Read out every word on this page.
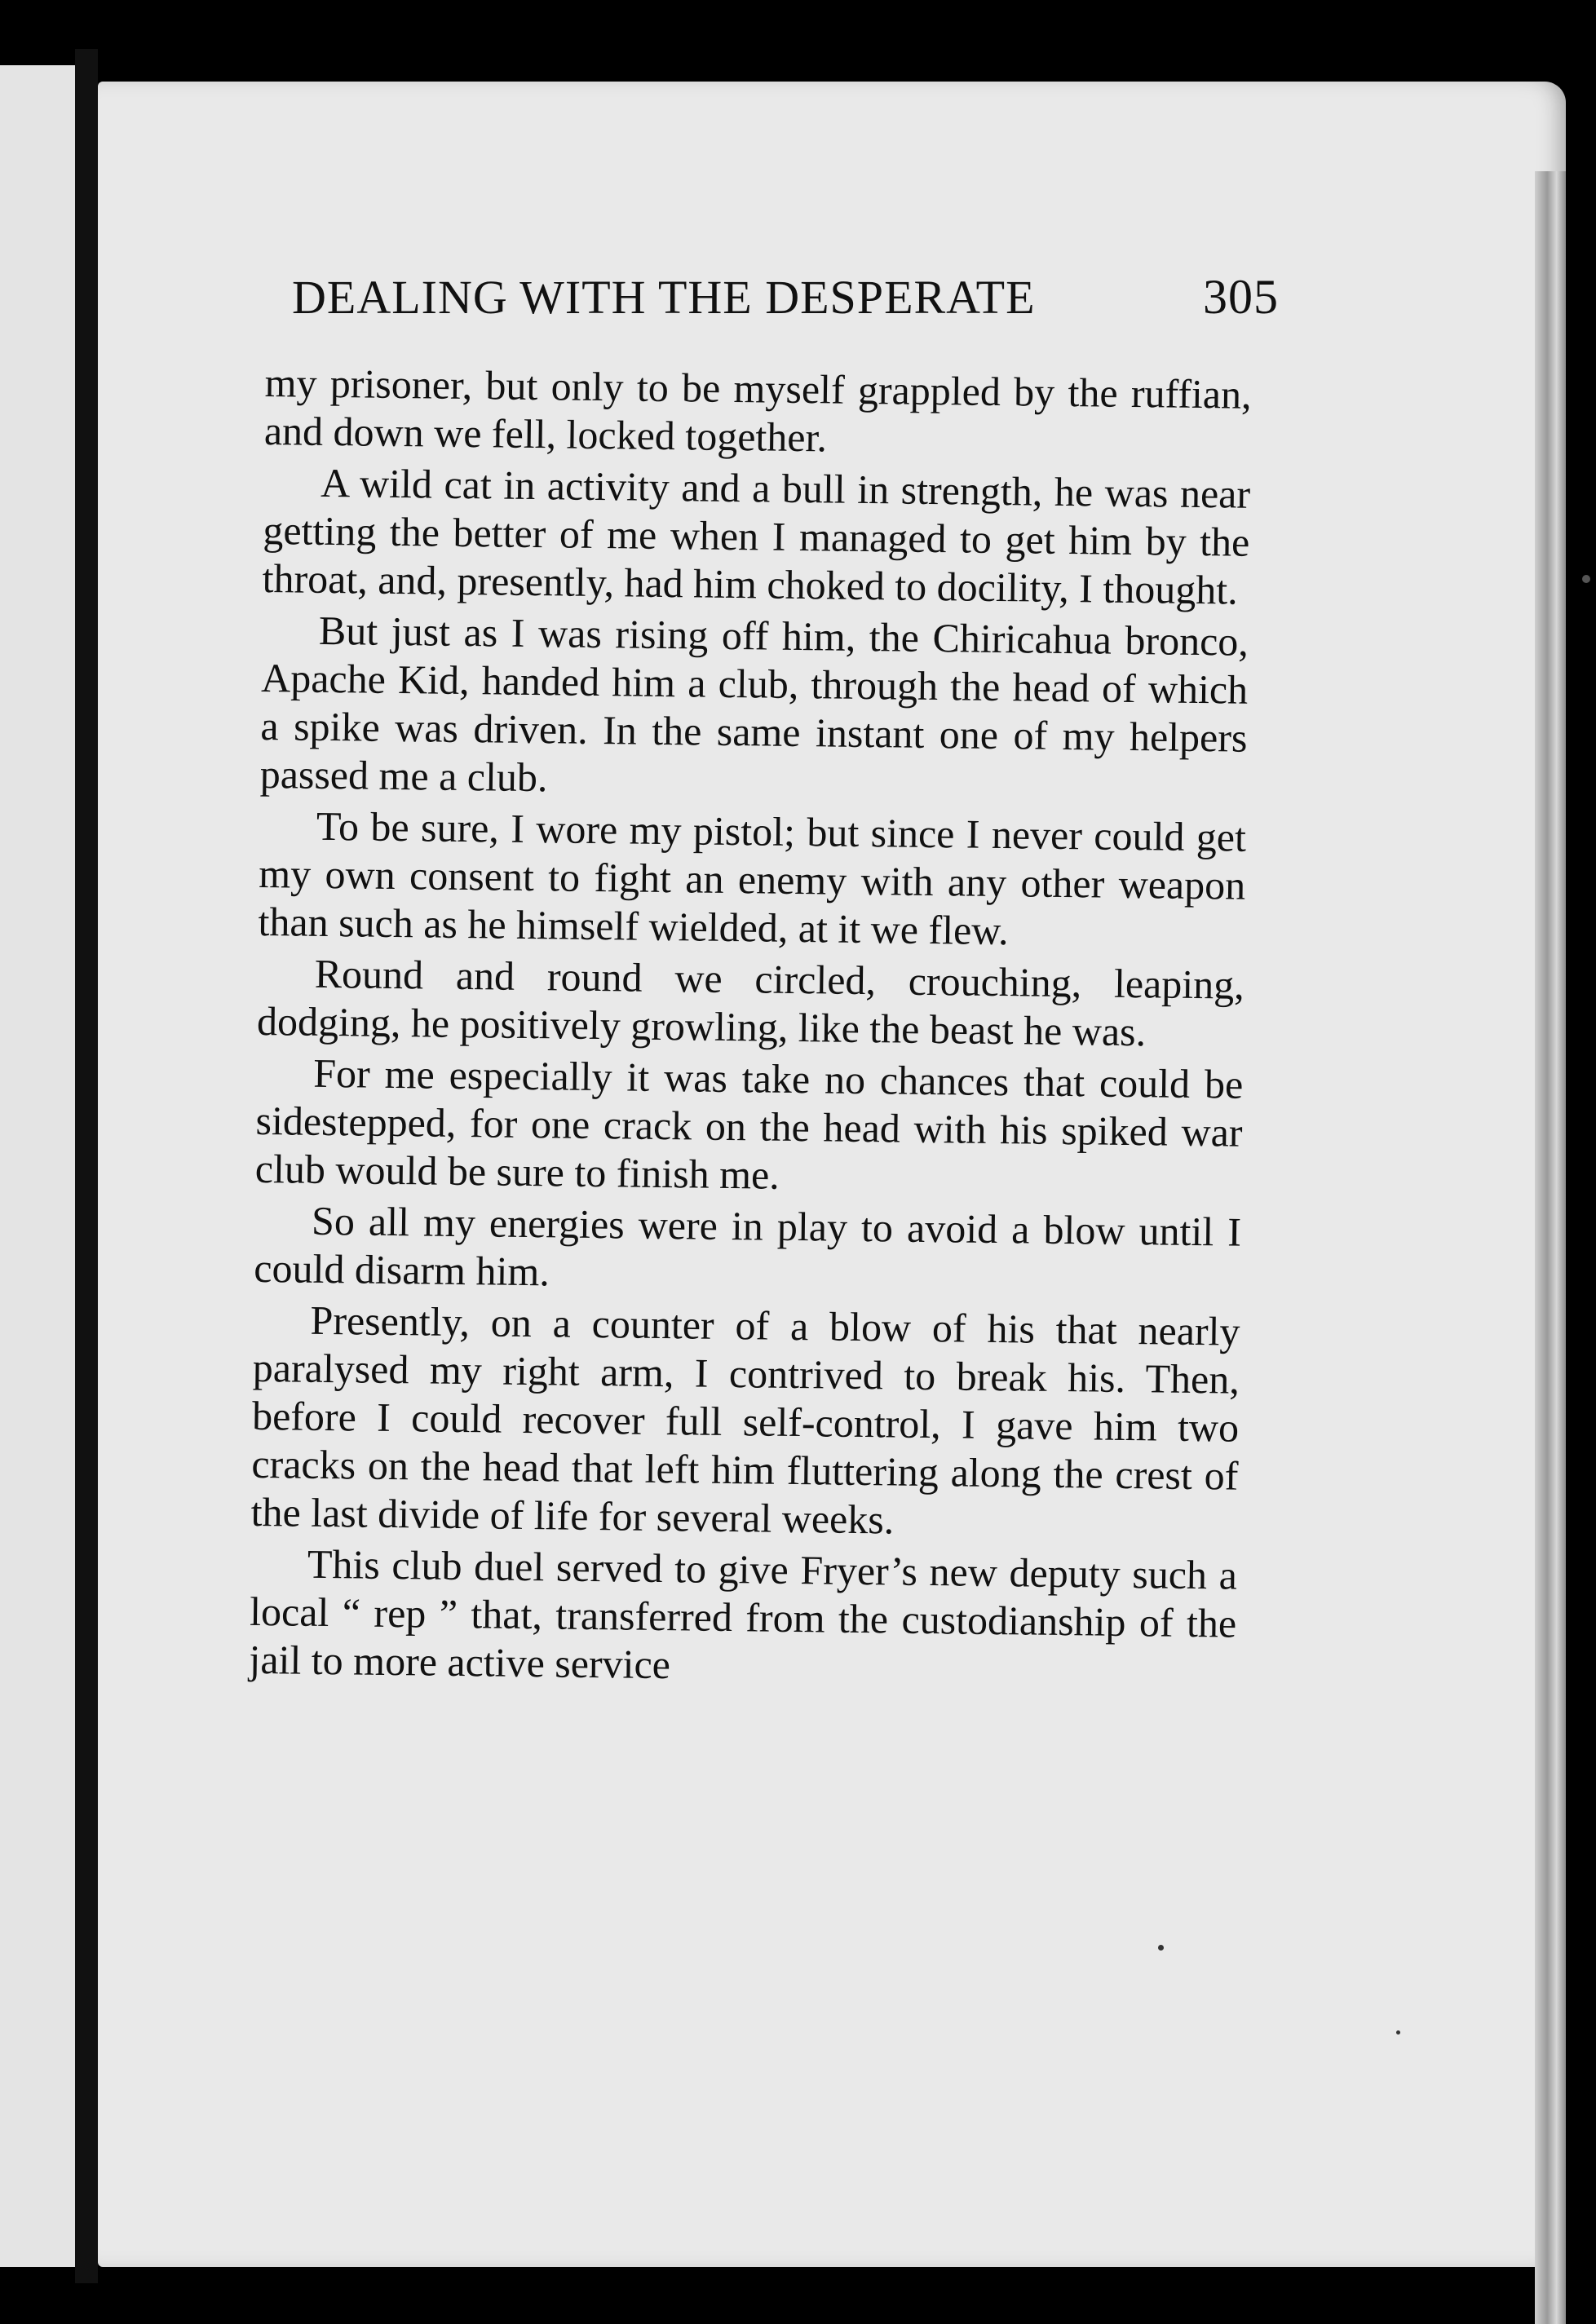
DEALING WITH THE DESPERATE	305

my prisoner, but only to be myself grappled by the ruffian, and down we fell, locked together.

A wild cat in activity and a bull in strength, he was near getting the better of me when I managed to get him by the throat, and, presently, had him choked to docility, I thought.

But just as I was rising off him, the Chiricahua bronco, Apache Kid, handed him a club, through the head of which a spike was driven. In the same instant one of my helpers passed me a club.

To be sure, I wore my pistol; but since I never could get my own consent to fight an enemy with any other weapon than such as he himself wielded, at it we flew.

Round and round we circled, crouching, leaping, dodging, he positively growling, like the beast he was.

For me especially it was take no chances that could be sidestepped, for one crack on the head with his spiked war club would be sure to finish me.

So all my energies were in play to avoid a blow until I could disarm him.

Presently, on a counter of a blow of his that nearly paralysed my right arm, I contrived to break his. Then, before I could recover full self-control, I gave him two cracks on the head that left him fluttering along the crest of the last divide of life for several weeks.

This club duel served to give Fryer’s new deputy such a local “ rep ” that, transferred from the custodianship of the jail to more active service
